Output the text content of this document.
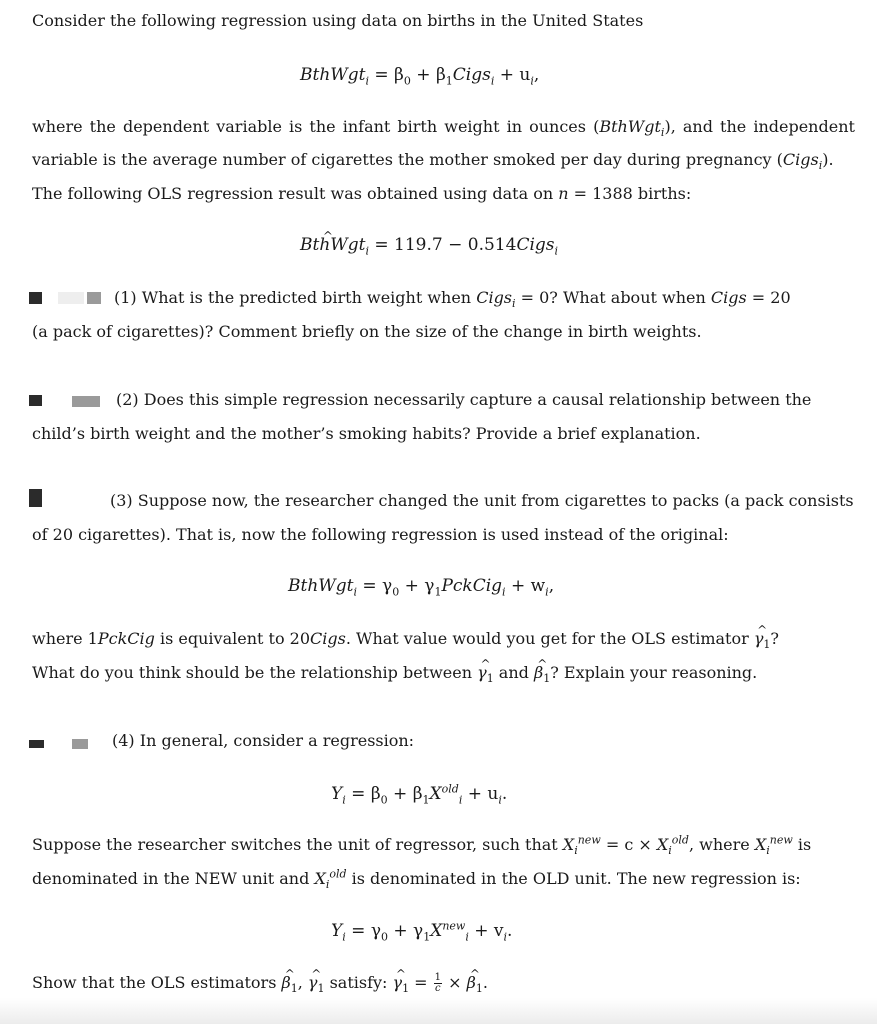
Consider the following regression using data on births in the United States
BthWgt$_i$ = $\beta_0$ + $\beta_1Cigs_i + u_i$,
where the dependent variable is the infant birth weight in ounces (BthWgt$_i$), and the independent
variable is the average number of cigarettes the mother smoked per day during pregnancy (Cigs$_i$).
The following OLS regression result was obtained using data on n = 1388 births:
^ BthWgt$_i$ = 119.7 − 0.514Cigs$_i$
(1) What is the predicted birth weight when Cigs$_i$ = 0? What about when Cigs = 20
(a pack of cigarettes)? Comment briefly on the size of the change in birth weights.
(2) Does this simple regression necessarily capture a causal relationship between the
child’s birth weight and the mother’s smoking habits? Provide a brief explanation.
(3) Suppose now, the researcher changed the unit from cigarettes to packs (a pack consists
of 20 cigarettes). That is, now the following regression is used instead of the original:
BthWgt$_i$ = $\gamma_0$ + $\gamma_1PckCig_i + w_i$,
where 1PckCig is equivalent to 20Cigs. What value would you get for the OLS estimator ^ $\gamma_1$?
What do you think should be the relationship between ^ $\gamma_1$ and ^ $\beta_1$? Explain your reasoning.
(4) In general, consider a regression:
$Y_i = \beta_0 + \beta_1X^{old}_i + u_i$.
Suppose the researcher switches the unit of regressor, such that $X_i^{new} = c \times X_i^{old}$, where $X_i^{new}$ is
denominated in the NEW unit and $X_i^{old}$ is denominated in the OLD unit. The new regression is:
$Y_i = \gamma_0 + \gamma_1X^{new}_i + v_i$.
Show that the OLS estimators ^ $\beta_1$, ^ $\gamma_1$ satisfy: ^ $\gamma_1 = \frac{1}{c}$ × ^ $\beta_1$.
